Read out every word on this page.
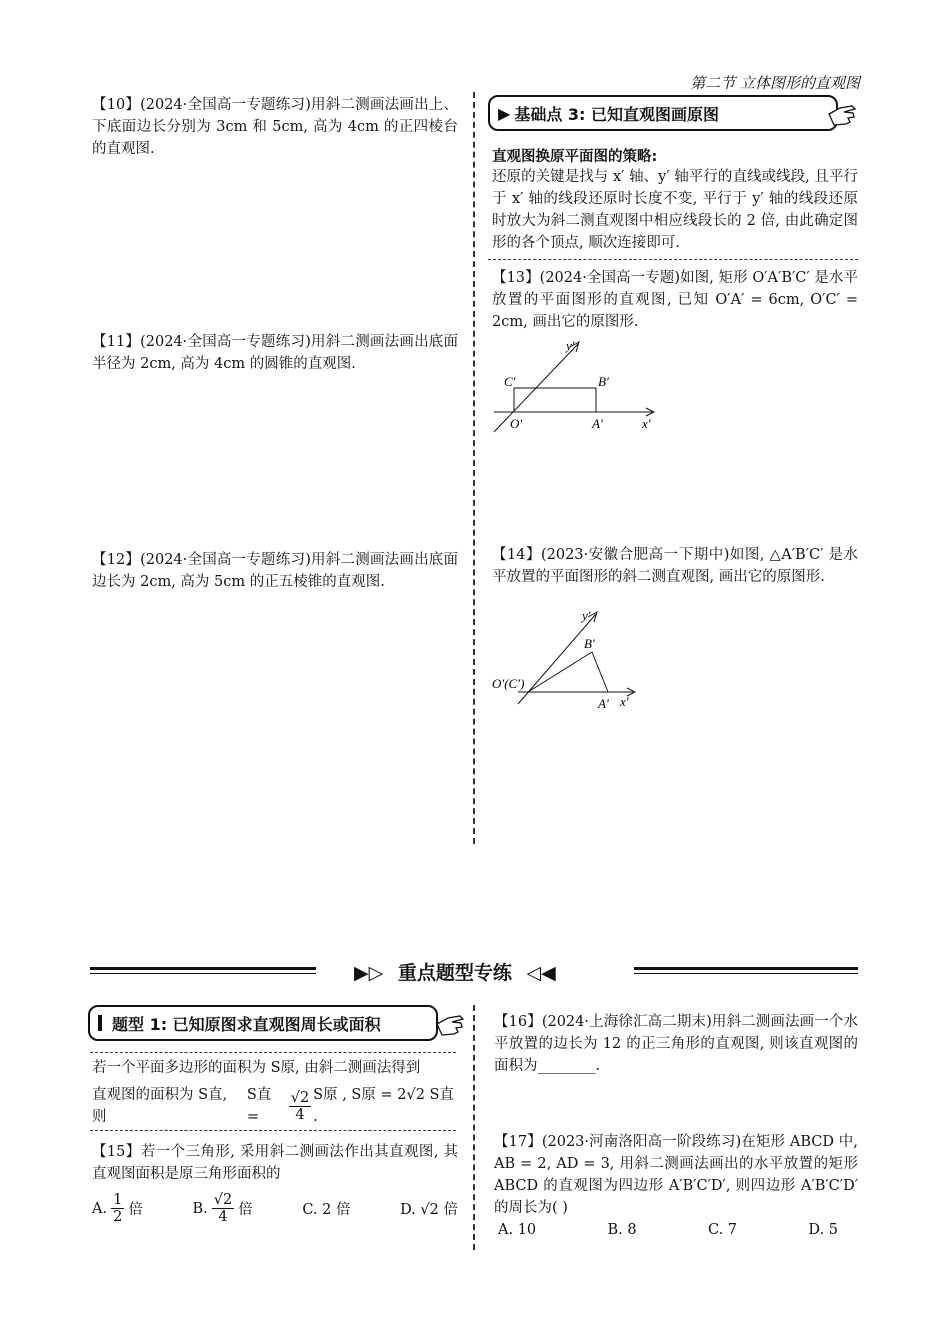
第二节 立体图形的直观图
【10】(2024·全国高一专题练习)用斜二测画法画出上、下底面边长分别为 3cm 和 5cm, 高为 4cm 的正四棱台的直观图.
【11】(2024·全国高一专题练习)用斜二测画法画出底面半径为 2cm, 高为 4cm 的圆锥的直观图.
【12】(2024·全国高一专题练习)用斜二测画法画出底面边长为 2cm, 高为 5cm 的正五棱锥的直观图.
▶ 基础点 3: 已知直观图画原图
直观图换原平面图的策略:
还原的关键是找与 x′ 轴、y′ 轴平行的直线或线段, 且平行于 x′ 轴的线段还原时长度不变, 平行于 y′ 轴的线段还原时放大为斜二测直观图中相应线段长的 2 倍, 由此确定图形的各个顶点, 顺次连接即可.
【13】(2024·全国高一专题)如图, 矩形 O′A′B′C′ 是水平放置的平面图形的直观图, 已知 O′A′ = 6cm, O′C′ = 2cm, 画出它的原图形.
y′
x′
O′	A′
B′
C′
【14】(2023·安徽合肥高一下期中)如图, △A′B′C′ 是水平放置的平面图形的斜二测直观图, 画出它的原图形.
y′
x′
O′(C′)
A′
B′
▶▷ 重点题型专练 ◁◀
题型 1: 已知原图求直观图周长或面积
若一个平面多边形的面积为 S原, 由斜二测画法得到
直观图的面积为 S直, 则
S直 =	$\frac{√2}{4}$ S原 , S原 = 2√2 S直 .
【15】若一个三角形, 采用斜二测画法作出其直观图, 其直观图面积是原三角形面积的
A. $\frac{1}{2}$ 倍	B. $\frac{√2}{4}$ 倍	C. 2 倍	D. √2 倍
【16】(2024·上海徐汇高二期末)用斜二测画法画一个水平放置的边长为 12 的正三角形的直观图, 则该直观图的面积为________.
【17】(2023·河南洛阳高一阶段练习)在矩形 ABCD 中, AB = 2, AD = 3, 用斜二测画法画出的水平放置的矩形 ABCD 的直观图为四边形 A′B′C′D′, 则四边形 A′B′C′D′ 的周长为( )
A. 10	B. 8	C. 7	D. 5
